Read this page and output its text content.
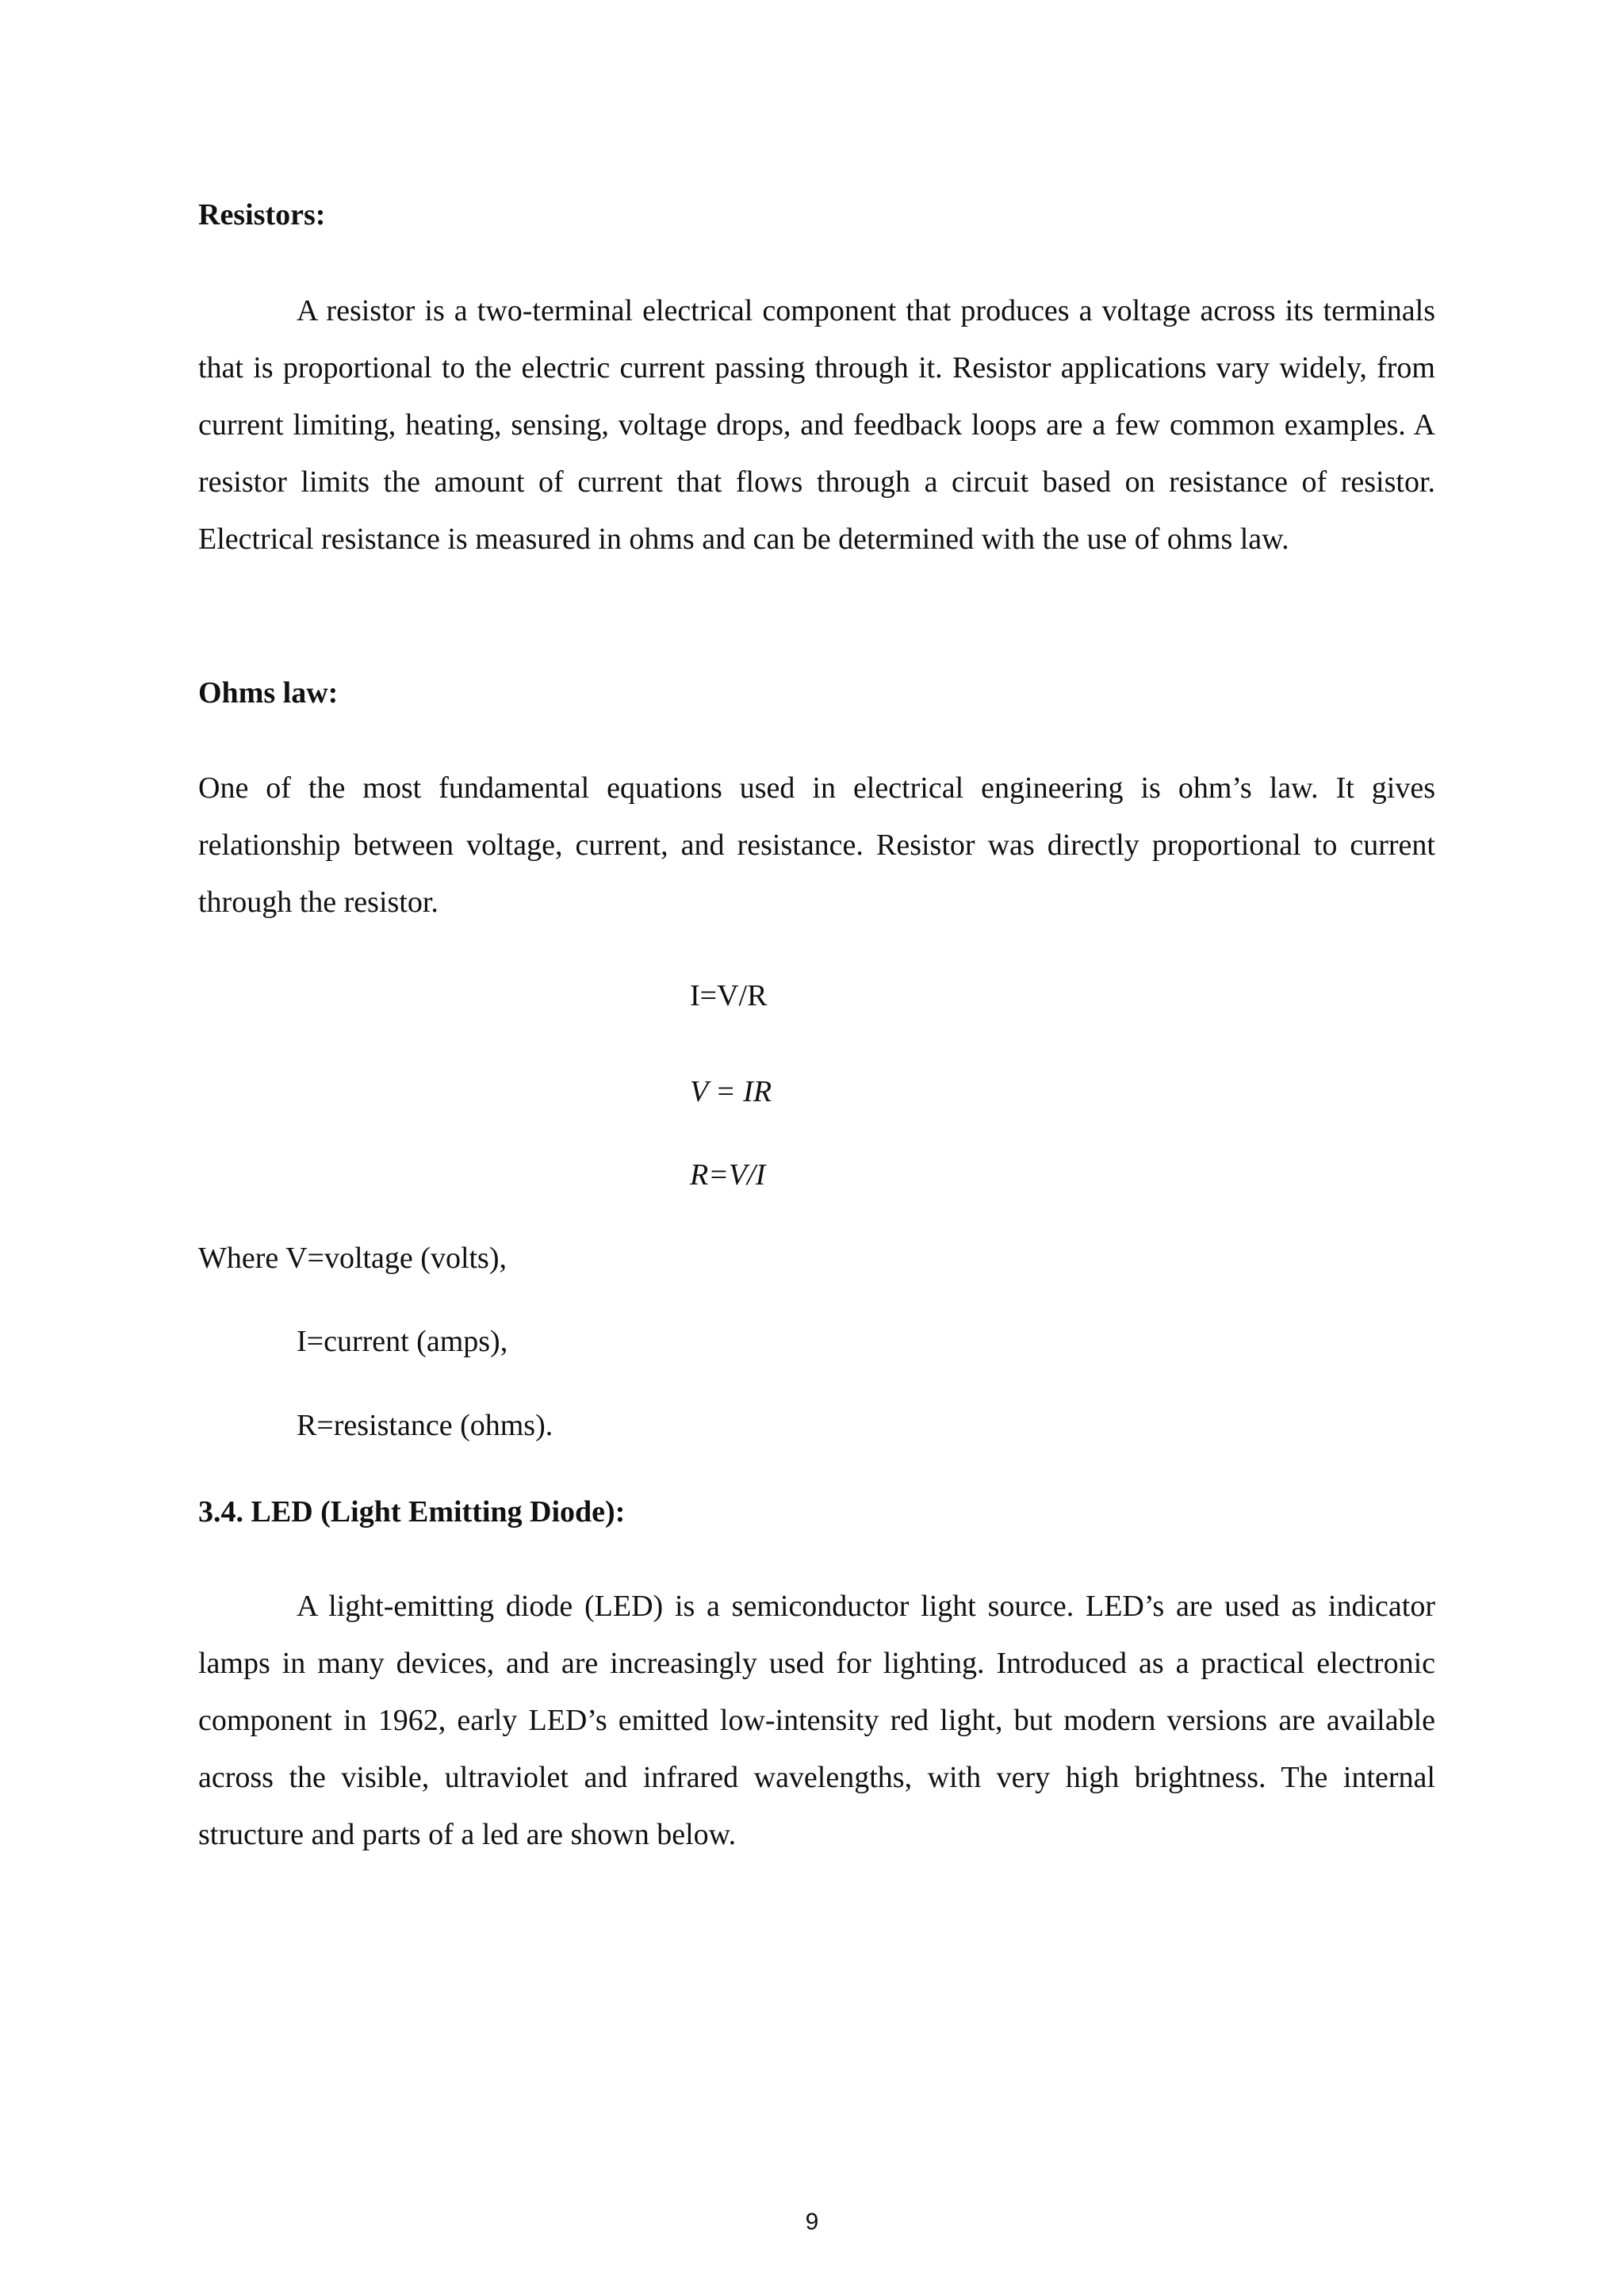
Resistors:

A resistor is a two-terminal electrical component that produces a voltage across its terminals that is proportional to the electric current passing through it. Resistor applications vary widely, from current limiting, heating, sensing, voltage drops, and feedback loops are a few common examples. A resistor limits the amount of current that flows through a circuit based on resistance of resistor. Electrical resistance is measured in ohms and can be determined with the use of ohms law.

Ohms law:

One of the most fundamental equations used in electrical engineering is ohm’s law. It gives relationship between voltage, current, and resistance. Resistor was directly proportional to current through the resistor.

I=V/R

V = IR

R=V/I

Where V=voltage (volts),

I=current (amps),

R=resistance (ohms).

3.4. LED (Light Emitting Diode):

A light-emitting diode (LED) is a semiconductor light source. LED’s are used as indicator lamps in many devices, and are increasingly used for lighting. Introduced as a practical electronic component in 1962, early LED’s emitted low-intensity red light, but modern versions are available across the visible, ultraviolet and infrared wavelengths, with very high brightness. The internal structure and parts of a led are shown below.

9
